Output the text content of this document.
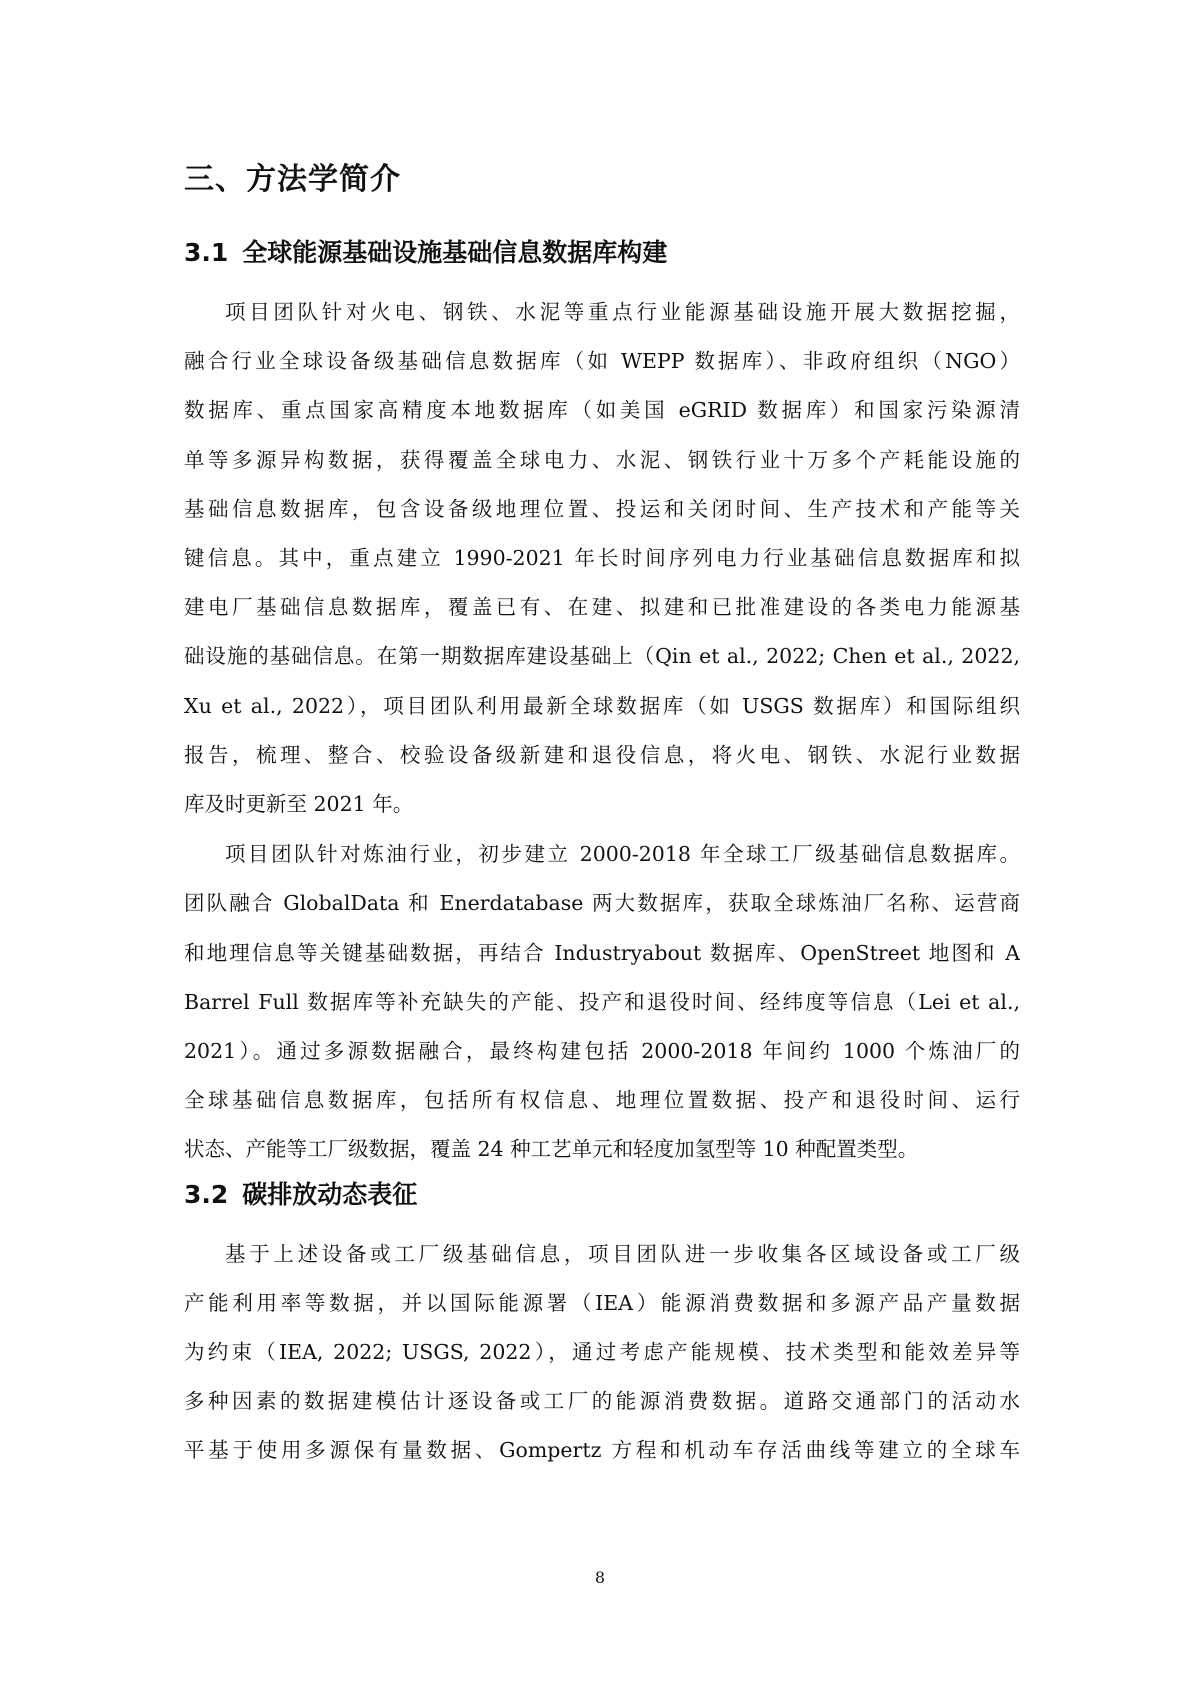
三、方法学简介
3.1 全球能源基础设施基础信息数据库构建
项目团队针对火电、钢铁、水泥等重点行业能源基础设施开展大数据挖掘，
融合行业全球设备级基础信息数据库（如 WEPP 数据库）、非政府组织（NGO）
数据库、重点国家高精度本地数据库（如美国 eGRID 数据库）和国家污染源清
单等多源异构数据，获得覆盖全球电力、水泥、钢铁行业十万多个产耗能设施的
基础信息数据库，包含设备级地理位置、投运和关闭时间、生产技术和产能等关
键信息。其中，重点建立 1990-2021 年长时间序列电力行业基础信息数据库和拟
建电厂基础信息数据库，覆盖已有、在建、拟建和已批准建设的各类电力能源基
础设施的基础信息。在第一期数据库建设基础上（Qin et al., 2022; Chen et al., 2022,
Xu et al., 2022），项目团队利用最新全球数据库（如 USGS 数据库）和国际组织
报告，梳理、整合、校验设备级新建和退役信息，将火电、钢铁、水泥行业数据
库及时更新至 2021 年。
项目团队针对炼油行业，初步建立 2000-2018 年全球工厂级基础信息数据库。
团队融合 GlobalData 和 Enerdatabase 两大数据库，获取全球炼油厂名称、运营商
和地理信息等关键基础数据，再结合 Industryabout 数据库、OpenStreet 地图和 A
Barrel Full 数据库等补充缺失的产能、投产和退役时间、经纬度等信息（Lei et al.,
2021）。通过多源数据融合，最终构建包括 2000-2018 年间约 1000 个炼油厂的
全球基础信息数据库，包括所有权信息、地理位置数据、投产和退役时间、运行
状态、产能等工厂级数据，覆盖 24 种工艺单元和轻度加氢型等 10 种配置类型。
3.2 碳排放动态表征
基于上述设备或工厂级基础信息，项目团队进一步收集各区域设备或工厂级
产能利用率等数据，并以国际能源署（IEA）能源消费数据和多源产品产量数据
为约束（IEA, 2022; USGS, 2022），通过考虑产能规模、技术类型和能效差异等
多种因素的数据建模估计逐设备或工厂的能源消费数据。道路交通部门的活动水
平基于使用多源保有量数据、Gompertz 方程和机动车存活曲线等建立的全球车
8
